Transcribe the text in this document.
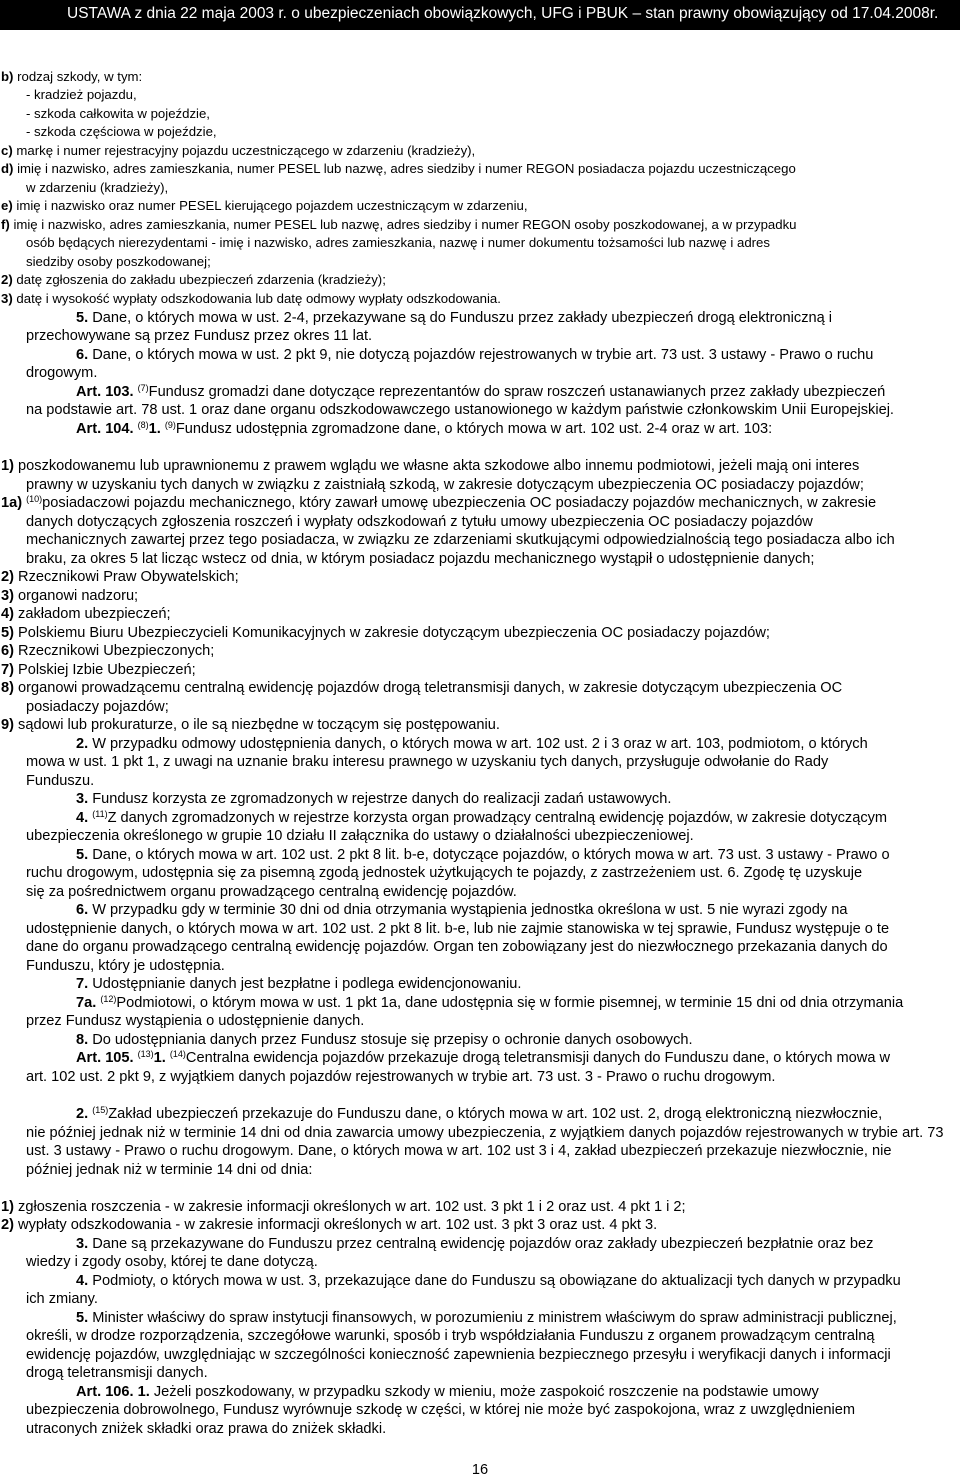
USTAWA z dnia 22 maja 2003 r. o ubezpieczeniach obowiązkowych, UFG i PBUK – stan prawny obowiązujący od 17.04.2008r.
b) rodzaj szkody, w tym:
- kradzież pojazdu,
- szkoda całkowita w pojeździe,
- szkoda częściowa w pojeździe,
c) markę i numer rejestracyjny pojazdu uczestniczącego w zdarzeniu (kradzieży),
d) imię i nazwisko, adres zamieszkania, numer PESEL lub nazwę, adres siedziby i numer REGON posiadacza pojazdu uczestniczącego
w zdarzeniu (kradzieży),
e) imię i nazwisko oraz numer PESEL kierującego pojazdem uczestniczącym w zdarzeniu,
f) imię i nazwisko, adres zamieszkania, numer PESEL lub nazwę, adres siedziby i numer REGON osoby poszkodowanej, a w przypadku
osób będących nierezydentami - imię i nazwisko, adres zamieszkania, nazwę i numer dokumentu tożsamości lub nazwę i adres
siedziby osoby poszkodowanej;
2) datę zgłoszenia do zakładu ubezpieczeń zdarzenia (kradzieży);
3) datę i wysokość wypłaty odszkodowania lub datę odmowy wypłaty odszkodowania.
5. Dane, o których mowa w ust. 2-4, przekazywane są do Funduszu przez zakłady ubezpieczeń drogą elektroniczną i
przechowywane są przez Fundusz przez okres 11 lat.
6. Dane, o których mowa w ust. 2 pkt 9, nie dotyczą pojazdów rejestrowanych w trybie art. 73 ust. 3 ustawy - Prawo o ruchu
drogowym.
Art. 103. $^{(7)}$Fundusz gromadzi dane dotyczące reprezentantów do spraw roszczeń ustanawianych przez zakłady ubezpieczeń
na podstawie art. 78 ust. 1 oraz dane organu odszkodowawczego ustanowionego w każdym państwie członkowskim Unii Europejskiej.
Art. 104. $^{(8)}$1. $^{(9)}$Fundusz udostępnia zgromadzone dane, o których mowa w art. 102 ust. 2-4 oraz w art. 103:
1) poszkodowanemu lub uprawnionemu z prawem wglądu we własne akta szkodowe albo innemu podmiotowi, jeżeli mają oni interes
prawny w uzyskaniu tych danych w związku z zaistniałą szkodą, w zakresie dotyczącym ubezpieczenia OC posiadaczy pojazdów;
1a) $^{(10)}$posiadaczowi pojazdu mechanicznego, który zawarł umowę ubezpieczenia OC posiadaczy pojazdów mechanicznych, w zakresie
danych dotyczących zgłoszenia roszczeń i wypłaty odszkodowań z tytułu umowy ubezpieczenia OC posiadaczy pojazdów
mechanicznych zawartej przez tego posiadacza, w związku ze zdarzeniami skutkującymi odpowiedzialnością tego posiadacza albo ich
braku, za okres 5 lat licząc wstecz od dnia, w którym posiadacz pojazdu mechanicznego wystąpił o udostępnienie danych;
2) Rzecznikowi Praw Obywatelskich;
3) organowi nadzoru;
4) zakładom ubezpieczeń;
5) Polskiemu Biuru Ubezpieczycieli Komunikacyjnych w zakresie dotyczącym ubezpieczenia OC posiadaczy pojazdów;
6) Rzecznikowi Ubezpieczonych;
7) Polskiej Izbie Ubezpieczeń;
8) organowi prowadzącemu centralną ewidencję pojazdów drogą teletransmisji danych, w zakresie dotyczącym ubezpieczenia OC
posiadaczy pojazdów;
9) sądowi lub prokuraturze, o ile są niezbędne w toczącym się postępowaniu.
2. W przypadku odmowy udostępnienia danych, o których mowa w art. 102 ust. 2 i 3 oraz w art. 103, podmiotom, o których
mowa w ust. 1 pkt 1, z uwagi na uznanie braku interesu prawnego w uzyskaniu tych danych, przysługuje odwołanie do Rady
Funduszu.
3. Fundusz korzysta ze zgromadzonych w rejestrze danych do realizacji zadań ustawowych.
4. $^{(11)}$Z danych zgromadzonych w rejestrze korzysta organ prowadzący centralną ewidencję pojazdów, w zakresie dotyczącym
ubezpieczenia określonego w grupie 10 działu II załącznika do ustawy o działalności ubezpieczeniowej.
5. Dane, o których mowa w art. 102 ust. 2 pkt 8 lit. b-e, dotyczące pojazdów, o których mowa w art. 73 ust. 3 ustawy - Prawo o
ruchu drogowym, udostępnia się za pisemną zgodą jednostek użytkujących te pojazdy, z zastrzeżeniem ust. 6. Zgodę tę uzyskuje
się za pośrednictwem organu prowadzącego centralną ewidencję pojazdów.
6. W przypadku gdy w terminie 30 dni od dnia otrzymania wystąpienia jednostka określona w ust. 5 nie wyrazi zgody na
udostępnienie danych, o których mowa w art. 102 ust. 2 pkt 8 lit. b-e, lub nie zajmie stanowiska w tej sprawie, Fundusz występuje o te
dane do organu prowadzącego centralną ewidencję pojazdów. Organ ten zobowiązany jest do niezwłocznego przekazania danych do
Funduszu, który je udostępnia.
7. Udostępnianie danych jest bezpłatne i podlega ewidencjonowaniu.
7a. $^{(12)}$Podmiotowi, o którym mowa w ust. 1 pkt 1a, dane udostępnia się w formie pisemnej, w terminie 15 dni od dnia otrzymania
przez Fundusz wystąpienia o udostępnienie danych.
8. Do udostępniania danych przez Fundusz stosuje się przepisy o ochronie danych osobowych.
Art. 105. $^{(13)}$1. $^{(14)}$Centralna ewidencja pojazdów przekazuje drogą teletransmisji danych do Funduszu dane, o których mowa w
art. 102 ust. 2 pkt 9, z wyjątkiem danych pojazdów rejestrowanych w trybie art. 73 ust. 3 - Prawo o ruchu drogowym.
2. $^{(15)}$Zakład ubezpieczeń przekazuje do Funduszu dane, o których mowa w art. 102 ust. 2, drogą elektroniczną niezwłocznie,
nie później jednak niż w terminie 14 dni od dnia zawarcia umowy ubezpieczenia, z wyjątkiem danych pojazdów rejestrowanych w trybie art. 73
ust. 3 ustawy - Prawo o ruchu drogowym. Dane, o których mowa w art. 102 ust 3 i 4, zakład ubezpieczeń przekazuje niezwłocznie, nie
później jednak niż w terminie 14 dni od dnia:
1) zgłoszenia roszczenia - w zakresie informacji określonych w art. 102 ust. 3 pkt 1 i 2 oraz ust. 4 pkt 1 i 2;
2) wypłaty odszkodowania - w zakresie informacji określonych w art. 102 ust. 3 pkt 3 oraz ust. 4 pkt 3.
3. Dane są przekazywane do Funduszu przez centralną ewidencję pojazdów oraz zakłady ubezpieczeń bezpłatnie oraz bez
wiedzy i zgody osoby, której te dane dotyczą.
4. Podmioty, o których mowa w ust. 3, przekazujące dane do Funduszu są obowiązane do aktualizacji tych danych w przypadku
ich zmiany.
5. Minister właściwy do spraw instytucji finansowych, w porozumieniu z ministrem właściwym do spraw administracji publicznej,
określi, w drodze rozporządzenia, szczegółowe warunki, sposób i tryb współdziałania Funduszu z organem prowadzącym centralną
ewidencję pojazdów, uwzględniając w szczególności konieczność zapewnienia bezpiecznego przesyłu i weryfikacji danych i informacji
drogą teletransmisji danych.
Art. 106. 1. Jeżeli poszkodowany, w przypadku szkody w mieniu, może zaspokoić roszczenie na podstawie umowy
ubezpieczenia dobrowolnego, Fundusz wyrównuje szkodę w części, w której nie może być zaspokojona, wraz z uwzględnieniem
utraconych zniżek składki oraz prawa do zniżek składki.
16
